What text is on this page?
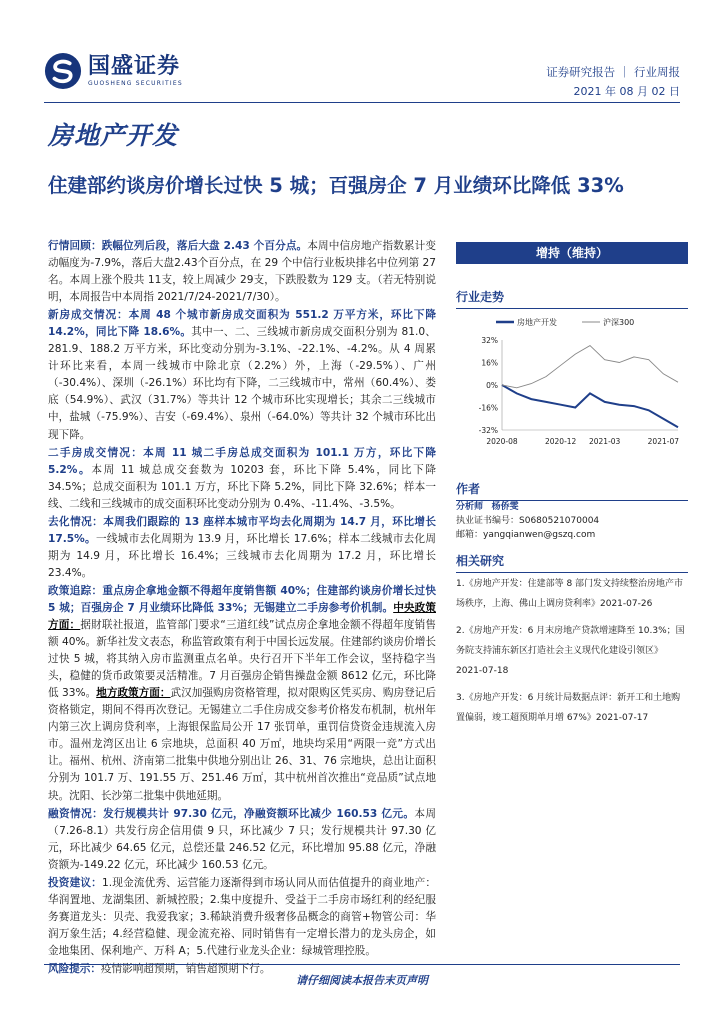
国盛证券
GUOSHENG SECURITIES
证券研究报告 ｜ 行业周报
2021 年 08 月 02 日
房地产开发
住建部约谈房价增长过快 5 城；百强房企 7 月业绩环比降低 33%

行情回顾：跌幅位列后段，落后大盘 2.43 个百分点。本周中信房地产指数累计变动幅度为-7.9%，落后大盘2.43个百分点，在 29 个中信行业板块排名中位列第 27 名。本周上涨个股共 11支，较上周减少 29支，下跌股数为 129 支。（若无特别说明，本周报告中本周指 2021/7/24-2021/7/30）。

新房成交情况：本周 48 个城市新房成交面积为 551.2 万平方米，环比下降 14.2%，同比下降 18.6%。其中一、二、三线城市新房成交面积分别为 81.0、281.9、188.2 万平方米，环比变动分别为-3.1%、-22.1%、-4.2%。从 4 周累计环比来看，本周一线城市中除北京（2.2%）外，上海（-29.5%）、广州（-30.4%）、深圳（-26.1%）环比均有下降，二三线城市中，常州（60.4%）、娄底（54.9%）、武汉（31.7%）等共计 12 个城市环比实现增长；其余二三线城市中，盐城（-75.9%）、吉安（-69.4%）、泉州（-64.0%）等共计 32 个城市环比出现下降。

二手房成交情况：本周 11 城二手房总成交面积为 101.1 万方，环比下降 5.2%。本周 11 城总成交套数为 10203 套，环比下降 5.4%，同比下降 34.5%；总成交面积为 101.1 万方，环比下降 5.2%，同比下降 32.6%；样本一线、二线和三线城市的成交面积环比变动分别为 0.4%、-11.4%、-3.5%。

去化情况：本周我们跟踪的 13 座样本城市平均去化周期为 14.7 月，环比增长 17.5%。一线城市去化周期为 13.9 月，环比增长 17.6%；样本二线城市去化周期为 14.9 月，环比增长 16.4%；三线城市去化周期为 17.2 月，环比增长 23.4%。

政策追踪：重点房企拿地金额不得超年度销售额 40%；住建部约谈房价增长过快 5 城；百强房企 7 月业绩环比降低 33%；无锡建立二手房参考价机制。中央政策方面：据財联社报道，监管部门要求“三道红线”试点房企拿地金额不得超年度销售额 40%。新华社发文表态，称监管政策有利于中国长远发展。住建部约谈房价增长过快 5 城，将其纳入房市监测重点名单。央行召开下半年工作会议，坚持稳字当头，稳健的货币政策要灵活精准。7 月百强房企销售操盘金额 8612 亿元，环比降低 33%。地方政策方面：武汉加强购房资格管理，拟对限购区凭买房、购房登记后资格锁定，期间不得再次登记。无锡建立二手住房成交参考价格发布机制，杭州年内第三次上调房贷利率，上海银保监局公开 17 张罚单，重罚信贷资金违规流入房市。温州龙湾区出让 6 宗地块，总面积 40 万㎡，地块均采用“两限一竞”方式出让。福州、杭州、济南第二批集中供地分别出让 26、31、76 宗地块，总出让面积分别为 101.7 万、191.55 万、251.46 万㎡，其中杭州首次推出“竞品质”试点地块。沈阳、长沙第二批集中供地延期。

融资情况：发行规模共计 97.30 亿元，净融资额环比减少 160.53 亿元。本周（7.26-8.1）共发行房企信用债 9 只，环比减少 7 只；发行规模共计 97.30 亿元，环比减少 64.65 亿元，总偿还量 246.52 亿元，环比增加 95.88 亿元，净融资额为-149.22 亿元，环比减少 160.53 亿元。

投资建议：1.现金流优秀、运营能力逐渐得到市场认同从而估值提升的商业地产：华润置地、龙湖集团、新城控股；2.集中度提升、受益于二手房市场红利的经纪服务赛道龙头：贝壳、我爱我家；3.稀缺消费升级奢侈品概念的商管+物管公司：华润万象生活；4.经营稳健、现金流充裕、同时销售有一定增长潜力的龙头房企，如金地集团、保利地产、万科 A；5.代建行业龙头企业：绿城管理控股。

风险提示：疫情影响超预期，销售超预期下行。

增持（维持）
行业走势
房地产开发	沪深300
32%
16%
0%
-16%
-32%
2020-08	2020-12 2021-03	2021-07
作者
分析师 杨侨雯
执业证书编号：S0680521070004
邮箱：yangqianwen@gszq.com
相关研究
1.《房地产开发：住建部等 8 部门发文持续整治房地产市场秩序，上海、佛山上调房贷利率》2021-07-26
2.《房地产开发：6 月末房地产贷款增速降至 10.3%；国务院支持浦东新区打造社会主义现代化建设引领区》2021-07-18
3.《房地产开发：6 月统计局数据点评：新开工和土地购置偏弱，竣工超预期单月增 67%》2021-07-17
请仔细阅读本报告末页声明
